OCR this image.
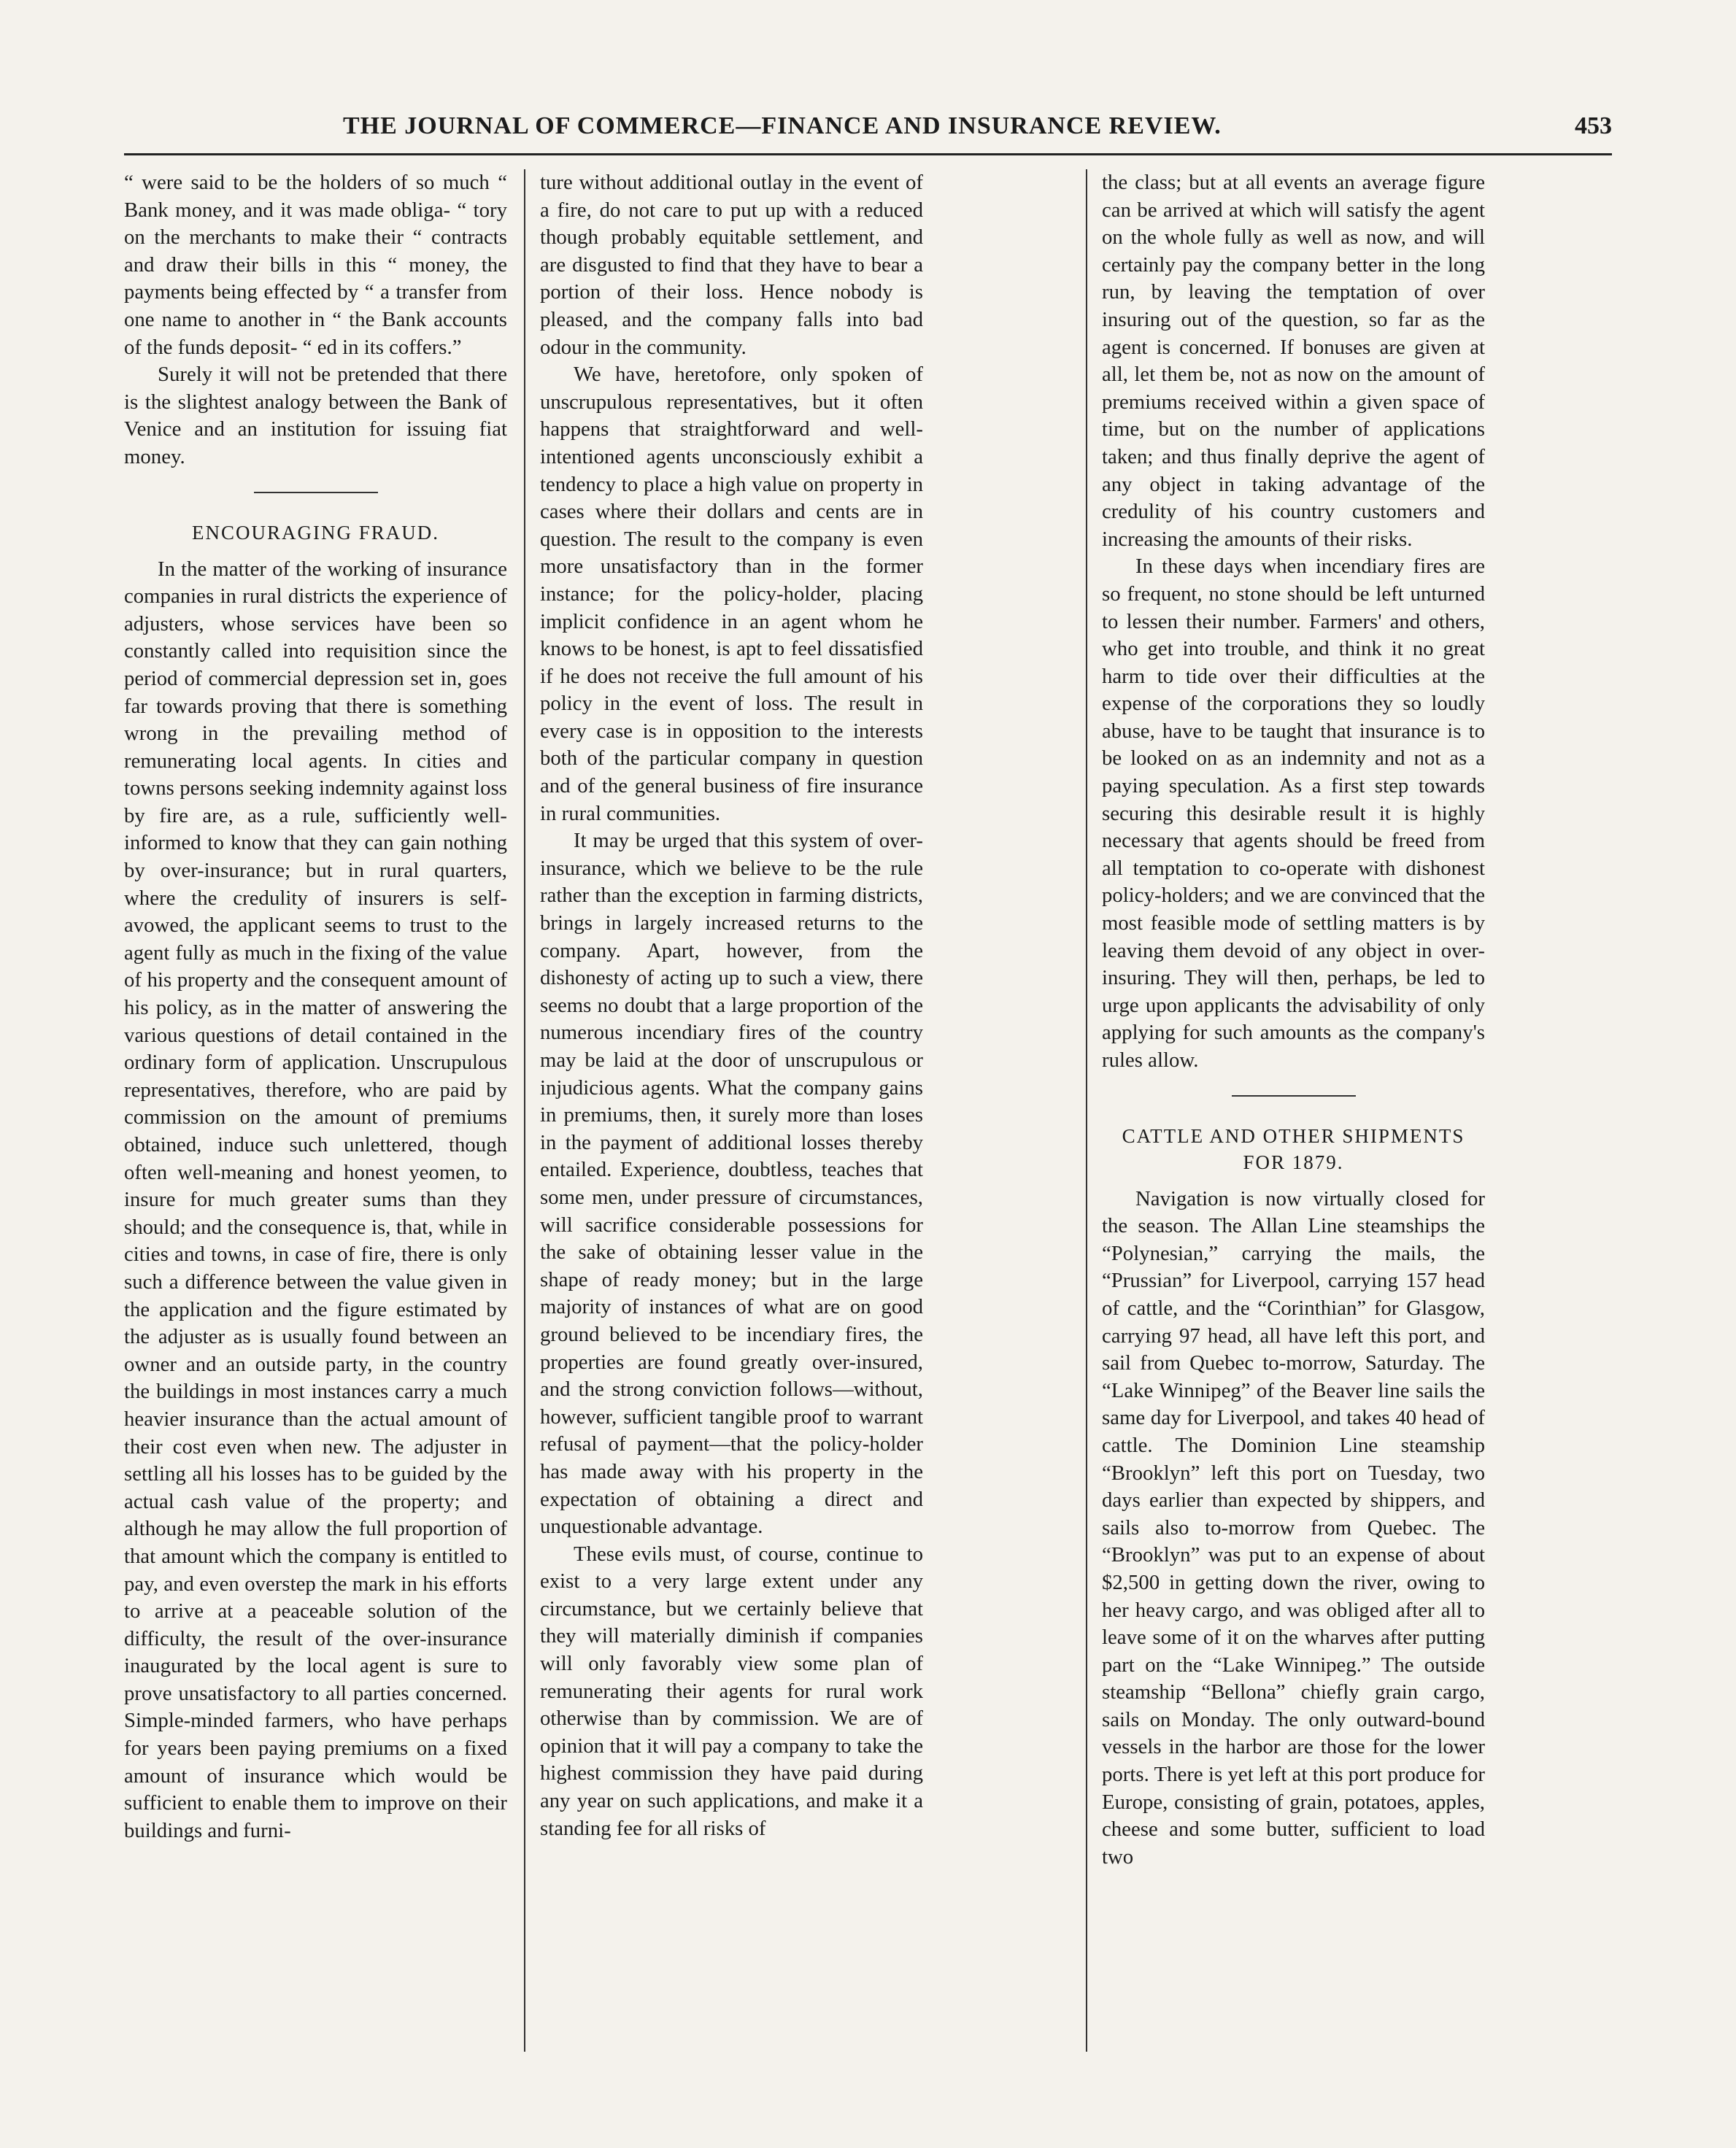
THE JOURNAL OF COMMERCE—FINANCE AND INSURANCE REVIEW.	453

“ were said to be the holders of so much “ Bank money, and it was made obliga- “ tory on the merchants to make their “ contracts and draw their bills in this “ money, the payments being effected by “ a transfer from one name to another in “ the Bank accounts of the funds deposit- “ ed in its coffers.”

Surely it will not be pretended that there is the slightest analogy between the Bank of Venice and an institution for issuing fiat money.

ENCOURAGING FRAUD.

In the matter of the working of insurance companies in rural districts the experience of adjusters, whose services have been so constantly called into requisition since the period of commercial depression set in, goes far towards proving that there is something wrong in the prevailing method of remunerating local agents. In cities and towns persons seeking indemnity against loss by fire are, as a rule, sufficiently well-informed to know that they can gain nothing by over-insurance; but in rural quarters, where the credulity of insurers is self-avowed, the applicant seems to trust to the agent fully as much in the fixing of the value of his property and the consequent amount of his policy, as in the matter of answering the various questions of detail contained in the ordinary form of application. Unscrupulous representatives, therefore, who are paid by commission on the amount of premiums obtained, induce such unlettered, though often well-meaning and honest yeomen, to insure for much greater sums than they should; and the consequence is, that, while in cities and towns, in case of fire, there is only such a difference between the value given in the application and the figure estimated by the adjuster as is usually found between an owner and an outside party, in the country the buildings in most instances carry a much heavier insurance than the actual amount of their cost even when new. The adjuster in settling all his losses has to be guided by the actual cash value of the property; and although he may allow the full proportion of that amount which the company is entitled to pay, and even overstep the mark in his efforts to arrive at a peaceable solution of the difficulty, the result of the over-insurance inaugurated by the local agent is sure to prove unsatisfactory to all parties concerned. Simple-minded farmers, who have perhaps for years been paying premiums on a fixed amount of insurance which would be sufficient to enable them to improve on their buildings and furni-

ture without additional outlay in the event of a fire, do not care to put up with a reduced though probably equitable settlement, and are disgusted to find that they have to bear a portion of their loss. Hence nobody is pleased, and the company falls into bad odour in the community.

We have, heretofore, only spoken of unscrupulous representatives, but it often happens that straightforward and well-intentioned agents unconsciously exhibit a tendency to place a high value on property in cases where their dollars and cents are in question. The result to the company is even more unsatisfactory than in the former instance; for the policy-holder, placing implicit confidence in an agent whom he knows to be honest, is apt to feel dissatisfied if he does not receive the full amount of his policy in the event of loss. The result in every case is in opposition to the interests both of the particular company in question and of the general business of fire insurance in rural communities.

It may be urged that this system of over-insurance, which we believe to be the rule rather than the exception in farming districts, brings in largely increased returns to the company. Apart, however, from the dishonesty of acting up to such a view, there seems no doubt that a large proportion of the numerous incendiary fires of the country may be laid at the door of unscrupulous or injudicious agents. What the company gains in premiums, then, it surely more than loses in the payment of additional losses thereby entailed. Experience, doubtless, teaches that some men, under pressure of circumstances, will sacrifice considerable possessions for the sake of obtaining lesser value in the shape of ready money; but in the large majority of instances of what are on good ground believed to be incendiary fires, the properties are found greatly over-insured, and the strong conviction follows—without, however, sufficient tangible proof to warrant refusal of payment—that the policy-holder has made away with his property in the expectation of obtaining a direct and unquestionable advantage.

These evils must, of course, continue to exist to a very large extent under any circumstance, but we certainly believe that they will materially diminish if companies will only favorably view some plan of remunerating their agents for rural work otherwise than by commission. We are of opinion that it will pay a company to take the highest commission they have paid during any year on such applications, and make it a standing fee for all risks of

the class; but at all events an average figure can be arrived at which will satisfy the agent on the whole fully as well as now, and will certainly pay the company better in the long run, by leaving the temptation of over insuring out of the question, so far as the agent is concerned. If bonuses are given at all, let them be, not as now on the amount of premiums received within a given space of time, but on the number of applications taken; and thus finally deprive the agent of any object in taking advantage of the credulity of his country customers and increasing the amounts of their risks.

In these days when incendiary fires are so frequent, no stone should be left unturned to lessen their number. Farmers' and others, who get into trouble, and think it no great harm to tide over their difficulties at the expense of the corporations they so loudly abuse, have to be taught that insurance is to be looked on as an indemnity and not as a paying speculation. As a first step towards securing this desirable result it is highly necessary that agents should be freed from all temptation to co-operate with dishonest policy-holders; and we are convinced that the most feasible mode of settling matters is by leaving them devoid of any object in over-insuring. They will then, perhaps, be led to urge upon applicants the advisability of only applying for such amounts as the company's rules allow.

CATTLE AND OTHER SHIPMENTS FOR 1879.

Navigation is now virtually closed for the season. The Allan Line steamships the “Polynesian,” carrying the mails, the “Prussian” for Liverpool, carrying 157 head of cattle, and the “Corinthian” for Glasgow, carrying 97 head, all have left this port, and sail from Quebec to-morrow, Saturday. The “Lake Winnipeg” of the Beaver line sails the same day for Liverpool, and takes 40 head of cattle. The Dominion Line steamship “Brooklyn” left this port on Tuesday, two days earlier than expected by shippers, and sails also to-morrow from Quebec. The “Brooklyn” was put to an expense of about $2,500 in getting down the river, owing to her heavy cargo, and was obliged after all to leave some of it on the wharves after putting part on the “Lake Winnipeg.” The outside steamship “Bellona” chiefly grain cargo, sails on Monday. The only outward-bound vessels in the harbor are those for the lower ports. There is yet left at this port produce for Europe, consisting of grain, potatoes, apples, cheese and some butter, sufficient to load two
